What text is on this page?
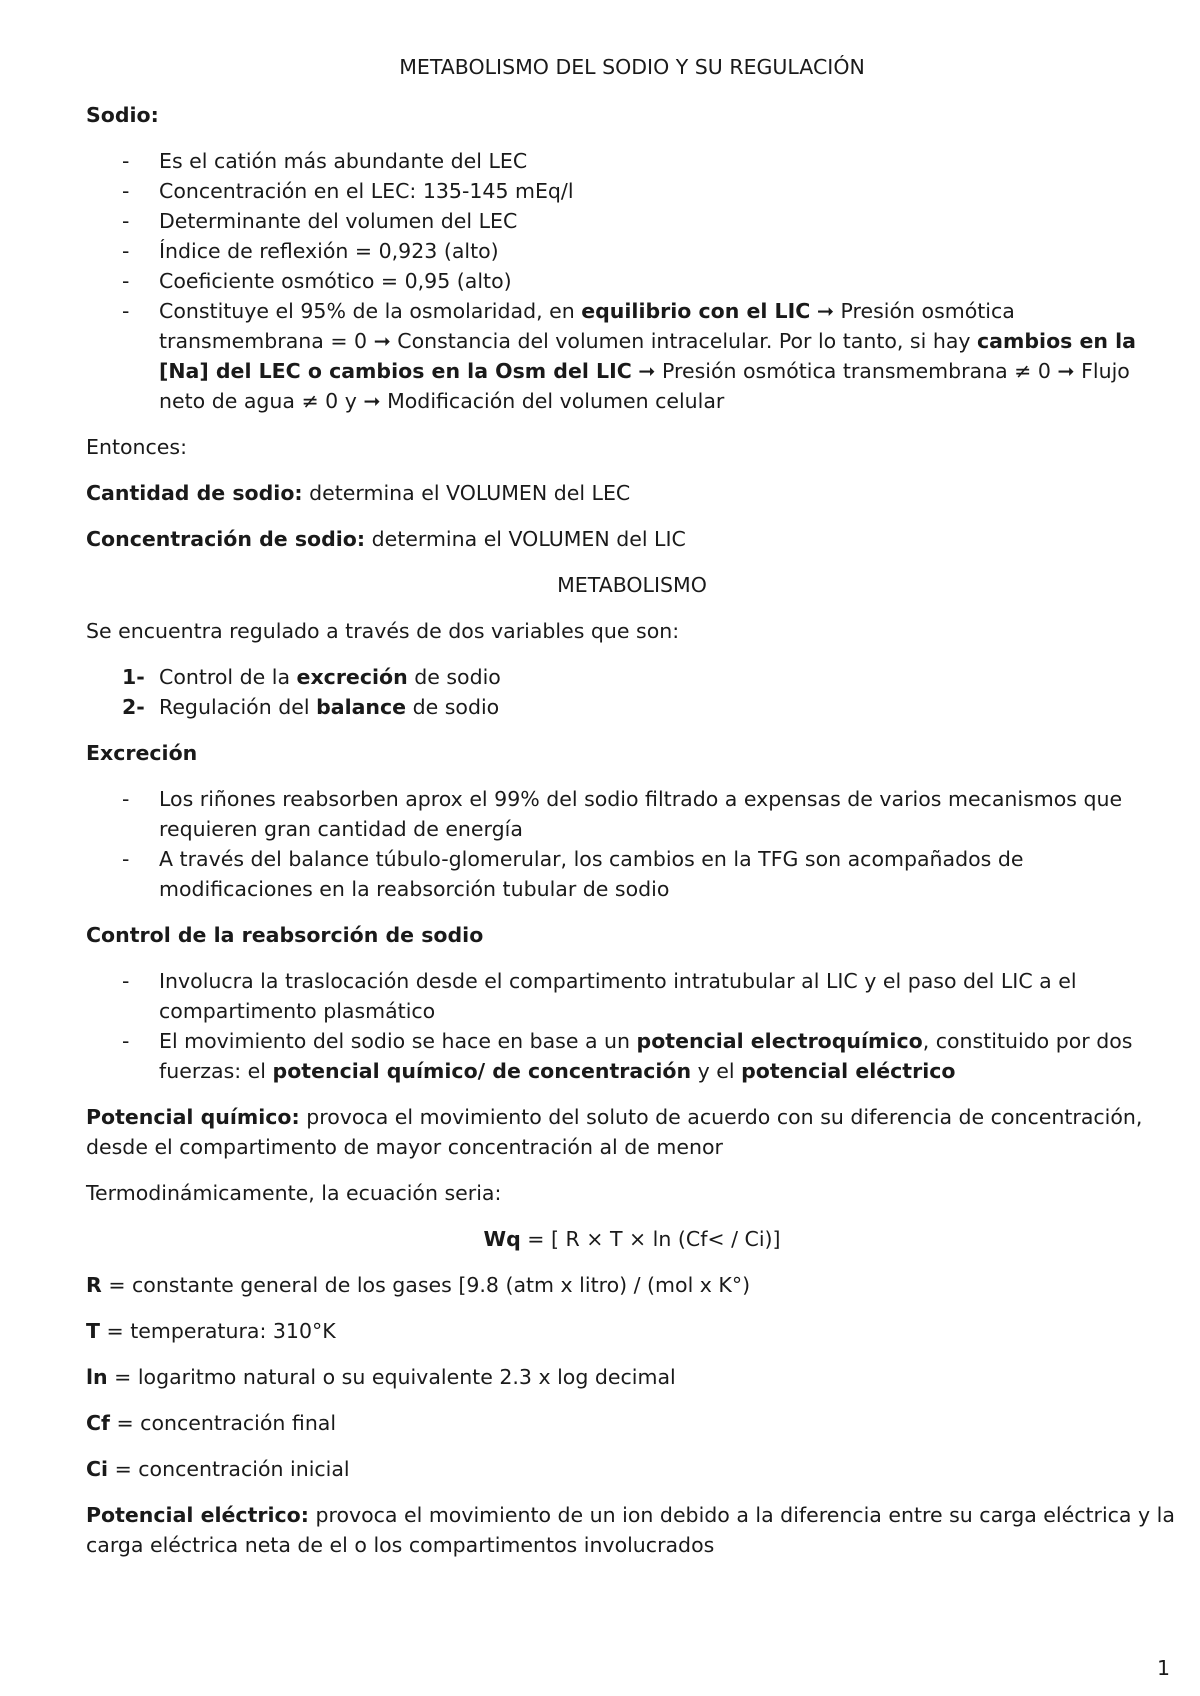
METABOLISMO DEL SODIO Y SU REGULACIÓN
Sodio:
- Es el catión más abundante del LEC
- Concentración en el LEC: 135-145 mEq/l
- Determinante del volumen del LEC
- Índice de reflexión = 0,923 (alto)
- Coeficiente osmótico = 0,95 (alto)
- Constituye el 95% de la osmolaridad, en equilibrio con el LIC ➞ Presión osmótica transmembrana = 0 ➞ Constancia del volumen intracelular. Por lo tanto, si hay cambios en la [Na] del LEC o cambios en la Osm del LIC ➞ Presión osmótica transmembrana ≠ 0 ➞ Flujo neto de agua ≠ 0 y ➞ Modificación del volumen celular
Entonces:
Cantidad de sodio: determina el VOLUMEN del LEC
Concentración de sodio: determina el VOLUMEN del LIC
METABOLISMO
Se encuentra regulado a través de dos variables que son:
1- Control de la excreción de sodio
2- Regulación del balance de sodio
Excreción
- Los riñones reabsorben aprox el 99% del sodio filtrado a expensas de varios mecanismos que requieren gran cantidad de energía
- A través del balance túbulo-glomerular, los cambios en la TFG son acompañados de modificaciones en la reabsorción tubular de sodio
Control de la reabsorción de sodio
- Involucra la traslocación desde el compartimento intratubular al LIC y el paso del LIC a el compartimento plasmático
- El movimiento del sodio se hace en base a un potencial electroquímico, constituido por dos fuerzas: el potencial químico/ de concentración y el potencial eléctrico
Potencial químico: provoca el movimiento del soluto de acuerdo con su diferencia de concentración, desde el compartimento de mayor concentración al de menor
Termodinámicamente, la ecuación seria:
Wq = [ R × T × ln (Cf< / Ci)]
R = constante general de los gases [9.8 (atm x litro) / (mol x K°)
T = temperatura: 310°K
ln = logaritmo natural o su equivalente 2.3 x log decimal
Cf = concentración final
Ci = concentración inicial
Potencial eléctrico: provoca el movimiento de un ion debido a la diferencia entre su carga eléctrica y la carga eléctrica neta de el o los compartimentos involucrados
1
